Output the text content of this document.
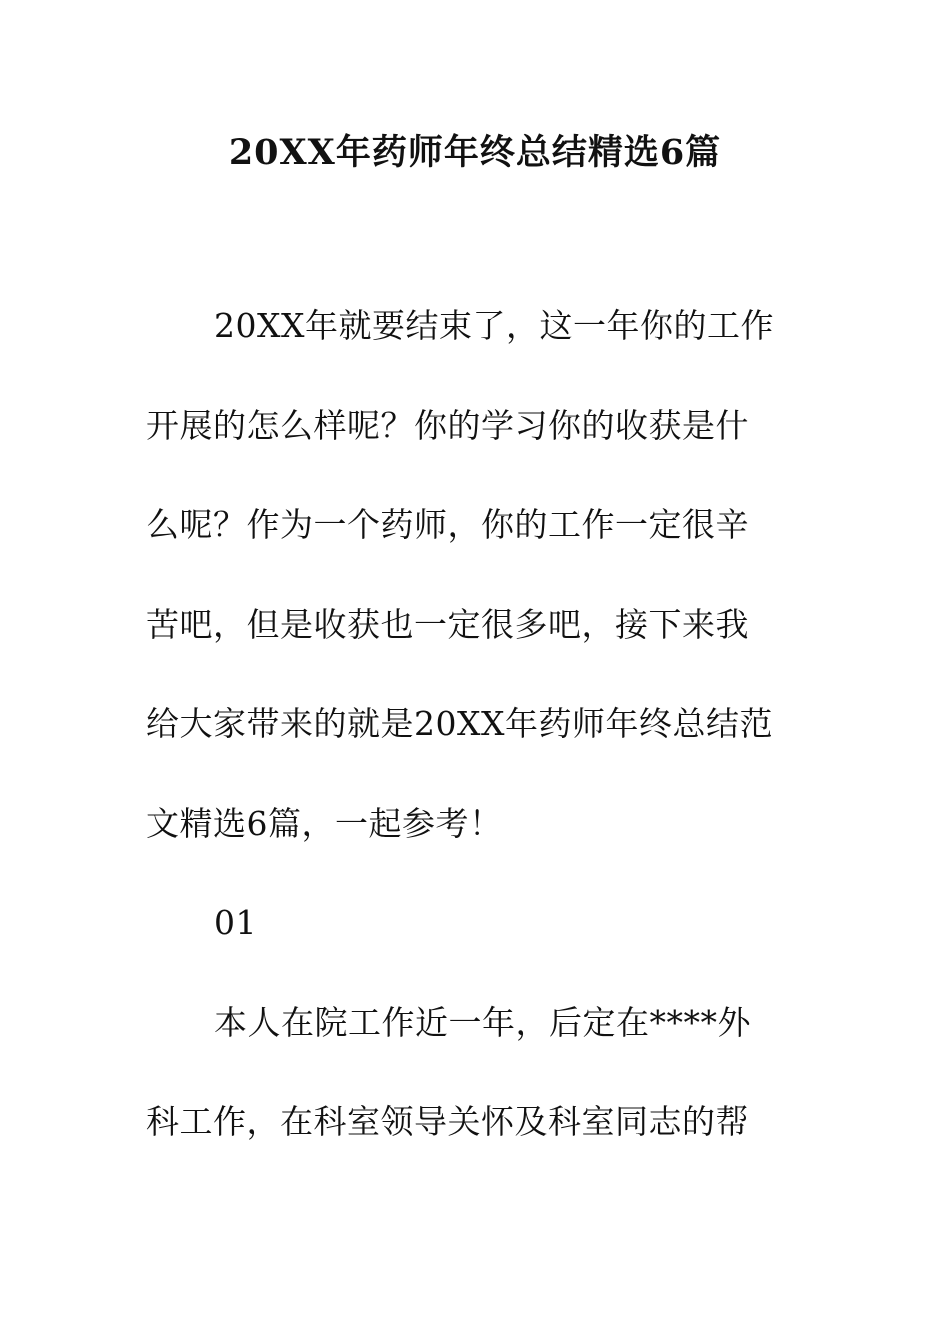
20XX年药师年终总结精选6篇
20XX年就要结束了，这一年你的工作
开展的怎么样呢？你的学习你的收获是什
么呢？作为一个药师，你的工作一定很辛
苦吧，但是收获也一定很多吧，接下来我
给大家带来的就是20XX年药师年终总结范
文精选6篇，一起参考！
01
本人在院工作近一年，后定在****外
科工作，在科室领导关怀及科室同志的帮
